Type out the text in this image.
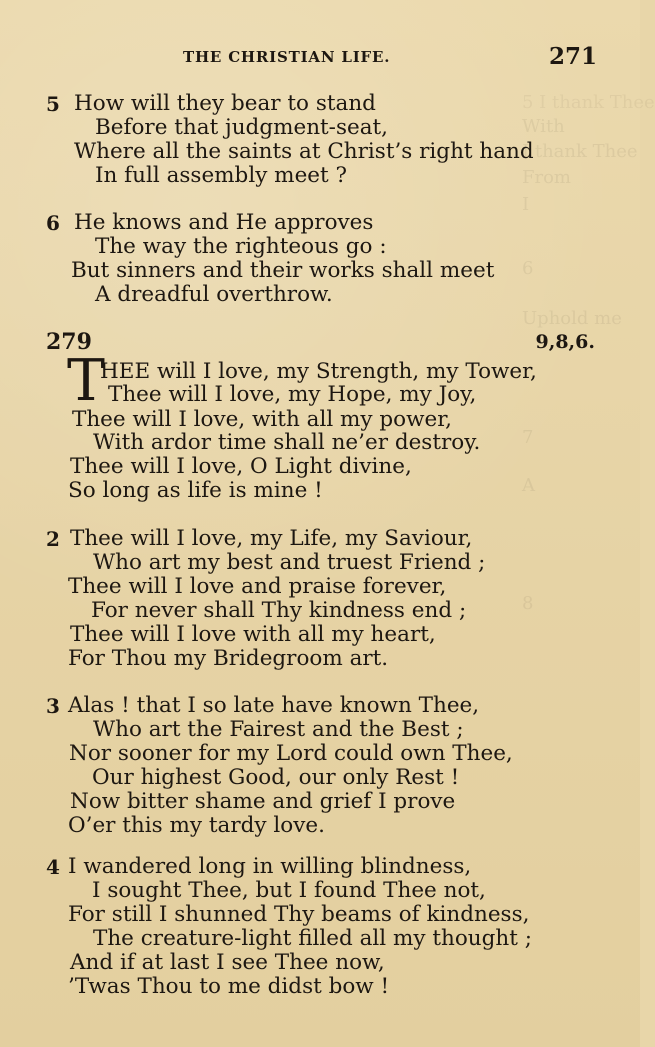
THE CHRISTIAN LIFE.	271
5 I thank Thee
With
I thank Thee
From
I
6
Uphold me
7
A
8
5 How will they bear to stand
Before that judgment-seat,
Where all the saints at Christ’s right hand
In full assembly meet ?
6 He knows and He approves
The way the righteous go :
But sinners and their works shall meet
A dreadful overthrow.
279	9,8,6.
T
HEE will I love, my Strength, my Tower,
Thee will I love, my Hope, my Joy,
Thee will I love, with all my power,
With ardor time shall ne’er destroy.
Thee will I love, O Light divine,
So long as life is mine !
2 Thee will I love, my Life, my Saviour,
Who art my best and truest Friend ;
Thee will I love and praise forever,
For never shall Thy kindness end ;
Thee will I love with all my heart,
For Thou my Bridegroom art.
3 Alas ! that I so late have known Thee,
Who art the Fairest and the Best ;
Nor sooner for my Lord could own Thee,
Our highest Good, our only Rest !
Now bitter shame and grief I prove
O’er this my tardy love.
4 I wandered long in willing blindness,
I sought Thee, but I found Thee not,
For still I shunned Thy beams of kindness,
The creature-light filled all my thought ;
And if at last I see Thee now,
’Twas Thou to me didst bow !
